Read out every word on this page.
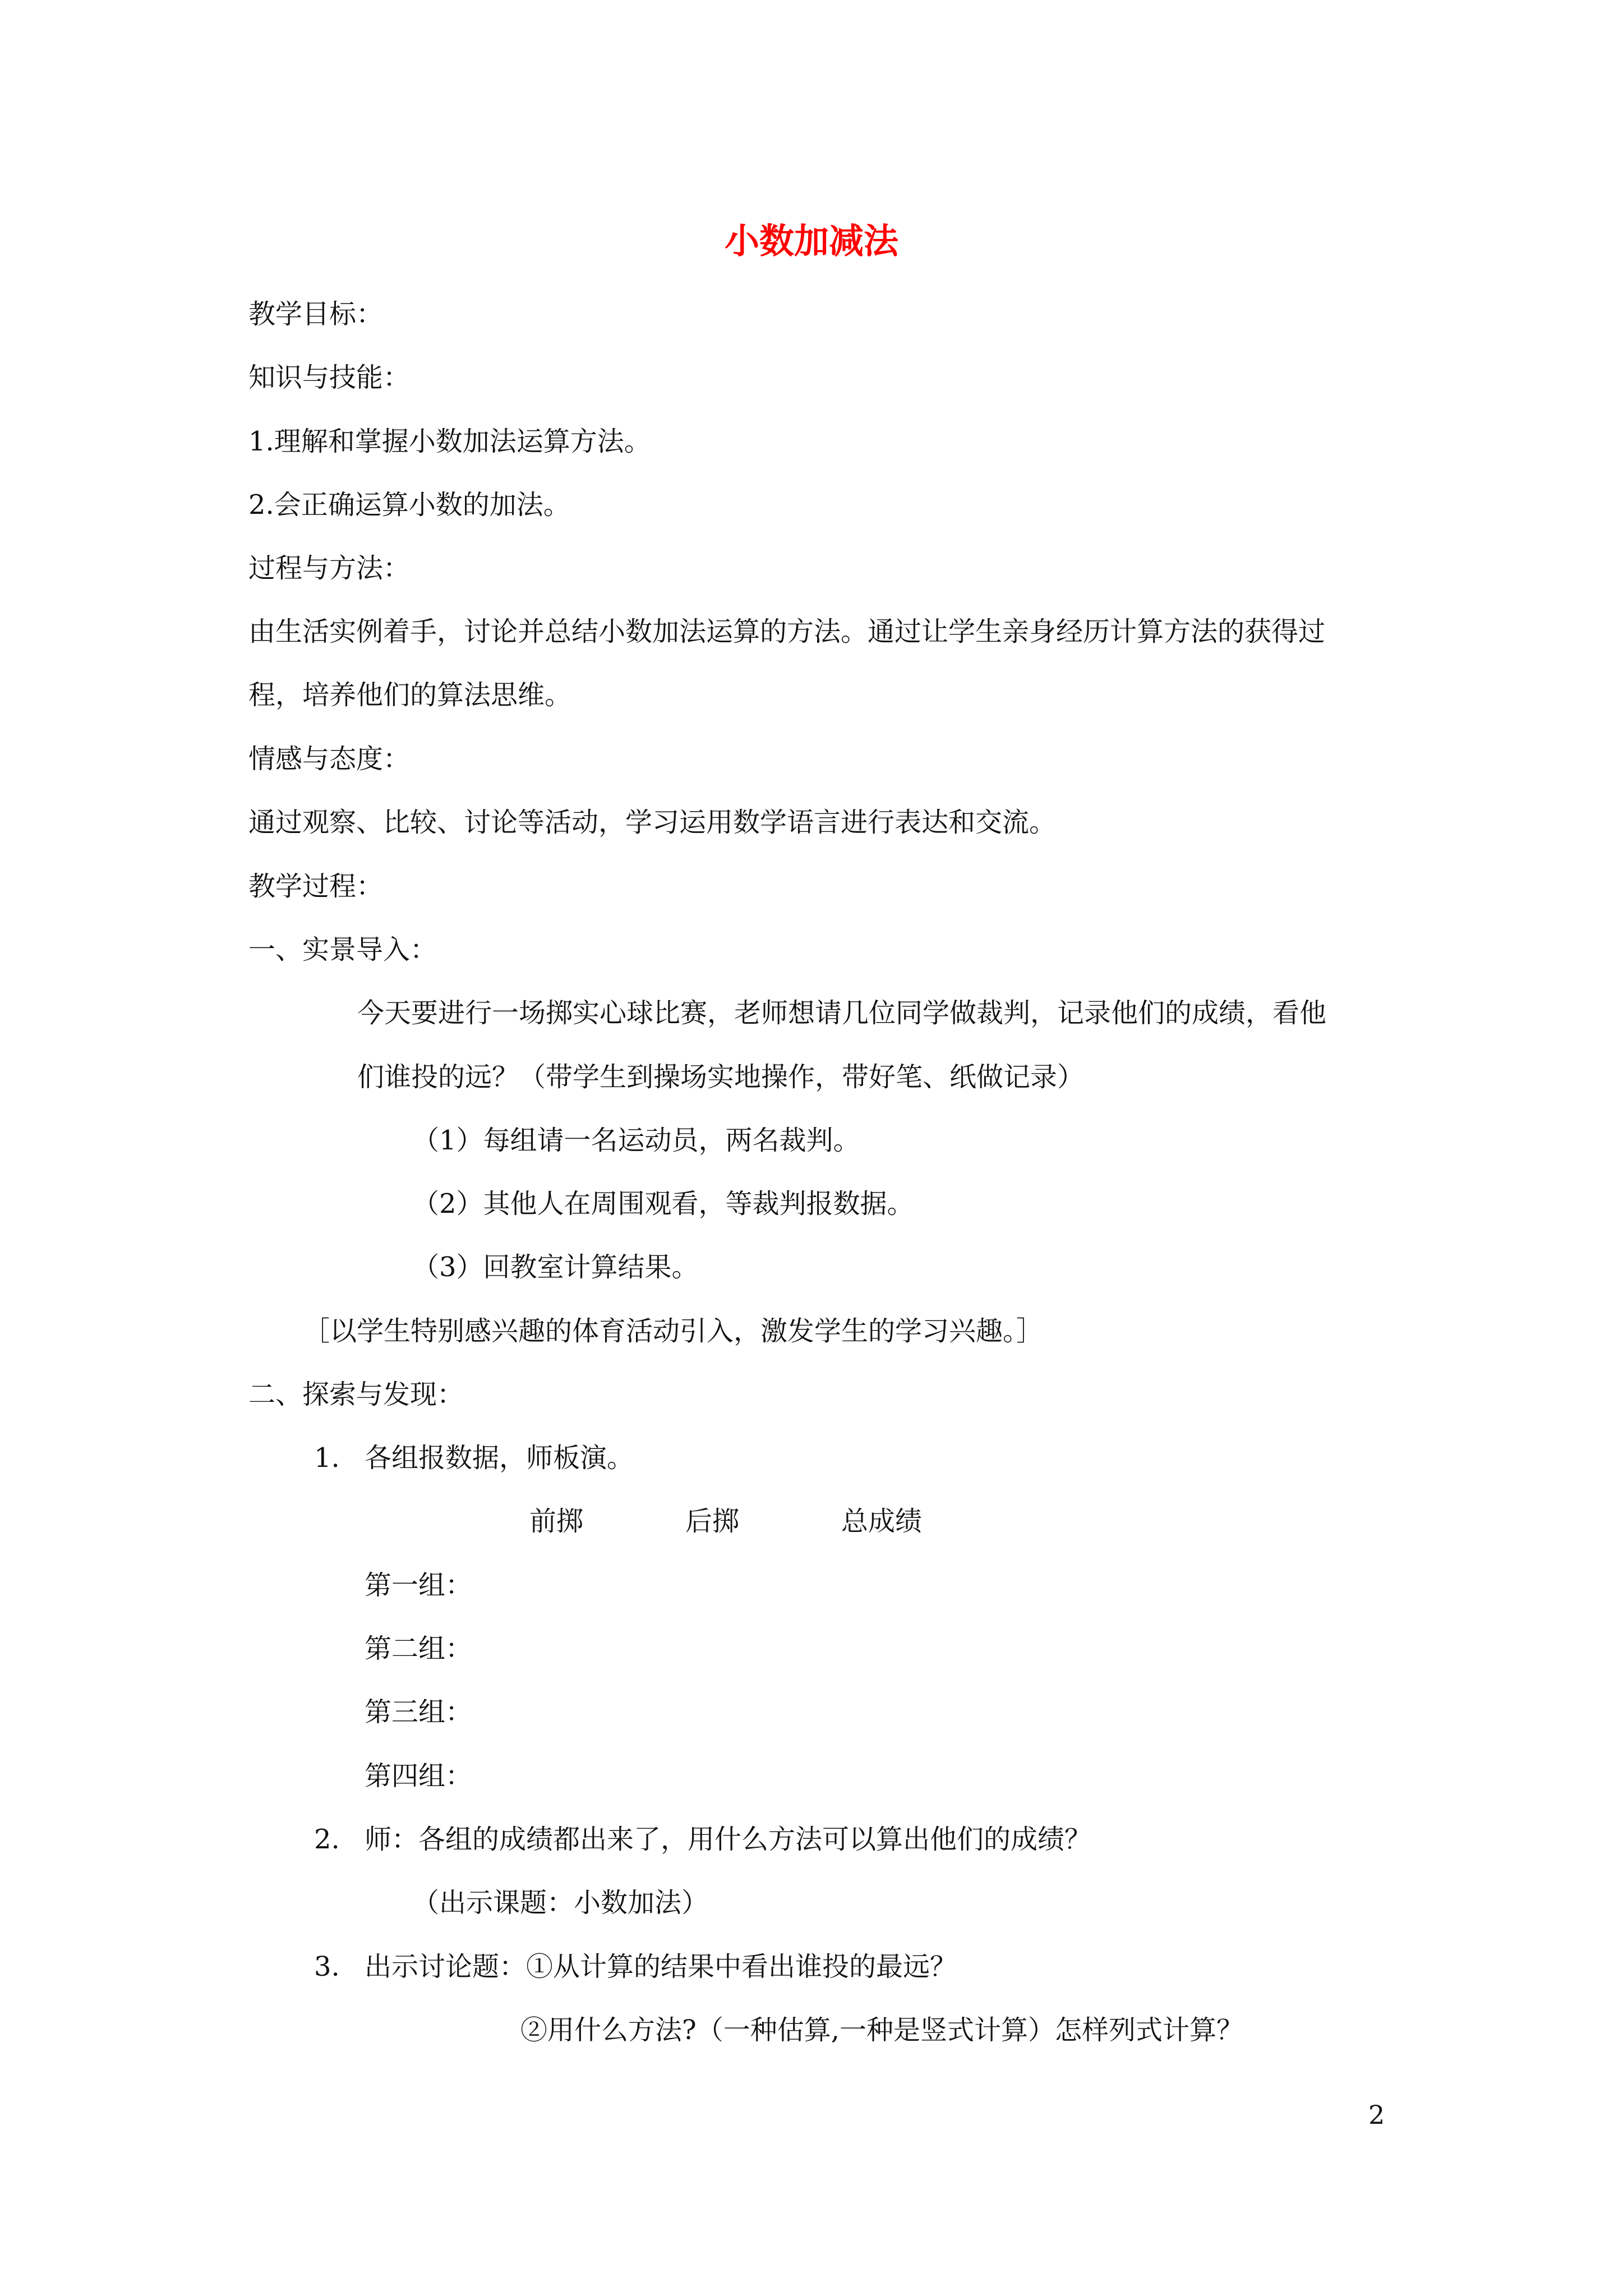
小数加减法
教学目标：
知识与技能：
1.理解和掌握小数加法运算方法。
2.会正确运算小数的加法。
过程与方法：
由生活实例着手，讨论并总结小数加法运算的方法。通过让学生亲身经历计算方法的获得过
程，培养他们的算法思维。
情感与态度：
通过观察、比较、讨论等活动，学习运用数学语言进行表达和交流。
教学过程：
一、实景导入：
今天要进行一场掷实心球比赛，老师想请几位同学做裁判，记录他们的成绩，看他
们谁投的远？（带学生到操场实地操作，带好笔、纸做记录）
（1）每组请一名运动员，两名裁判。
（2）其他人在周围观看，等裁判报数据。
（3）回教室计算结果。
［以学生特别感兴趣的体育活动引入，激发学生的学习兴趣。］
二、探索与发现：
1. 各组报数据，师板演。
前掷	后掷	总成绩
第一组：
第二组：
第三组：
第四组：
2. 师：各组的成绩都出来了，用什么方法可以算出他们的成绩？
（出示课题：小数加法）
3. 出示讨论题：①从计算的结果中看出谁投的最远？
②用什么方法?（一种估算,一种是竖式计算）怎样列式计算？
2
